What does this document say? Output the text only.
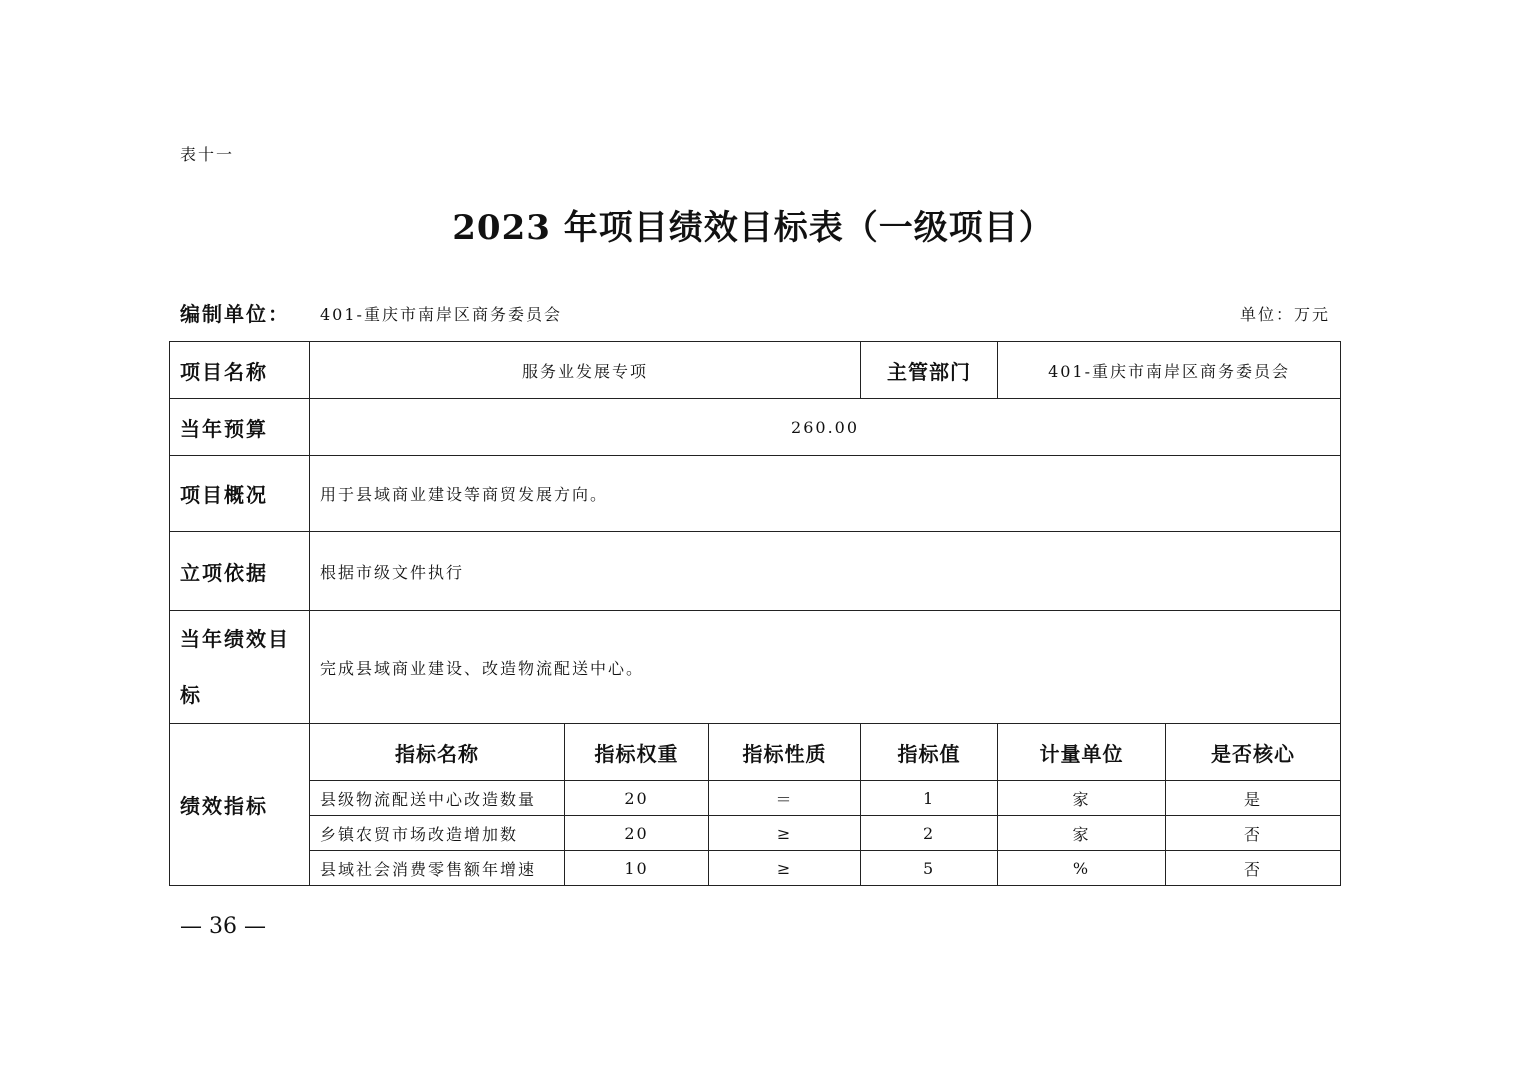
表十一
2023 年项目绩效目标表（一级项目）
编制单位： 401-重庆市南岸区商务委员会	单位：万元
项目名称	服务业发展专项			主管部门	401-重庆市南岸区商务委员会	
当年预算	260.00					
项目概况	用于县域商业建设等商贸发展方向。					
立项依据	根据市级文件执行					

当年绩效目
标	完成县域商业建设、改造物流配送中心。					
绩效指标	指标名称	指标权重	指标性质	指标值	计量单位	是否核心
	县级物流配送中心改造数量	20	＝	1	家	是
	乡镇农贸市场改造增加数	20	≥	2	家	否
	县域社会消费零售额年增速	10	≥	5	%	否
— 36 —
